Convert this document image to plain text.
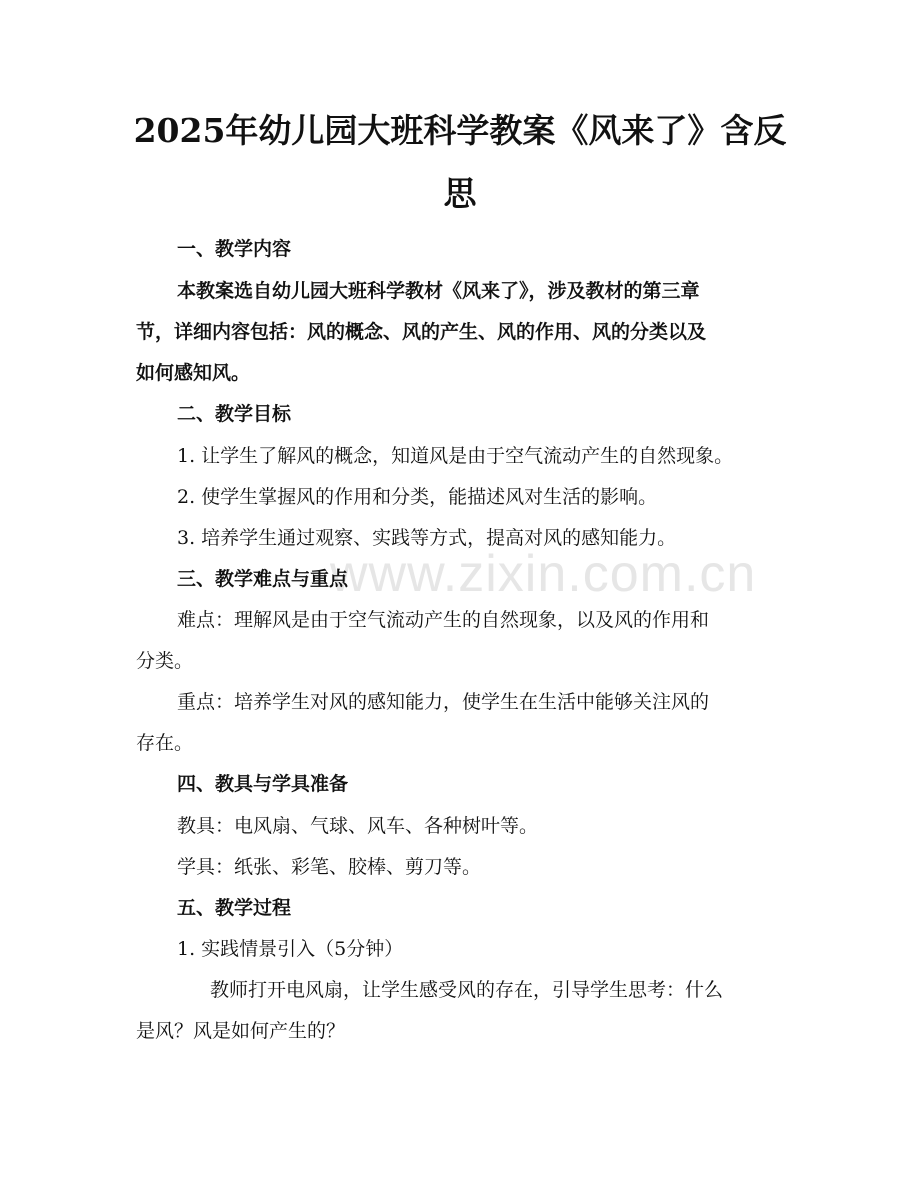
www.zixin.com.cn
2025年幼儿园大班科学教案《风来了》含反
思
一、教学内容
本教案选自幼儿园大班科学教材《风来了》，涉及教材的第三章
节，详细内容包括：风的概念、风的产生、风的作用、风的分类以及
如何感知风。
二、教学目标
1. 让学生了解风的概念，知道风是由于空气流动产生的自然现象。
2. 使学生掌握风的作用和分类，能描述风对生活的影响。
3. 培养学生通过观察、实践等方式，提高对风的感知能力。
三、教学难点与重点
难点：理解风是由于空气流动产生的自然现象，以及风的作用和
分类。
重点：培养学生对风的感知能力，使学生在生活中能够关注风的
存在。
四、教具与学具准备
教具：电风扇、气球、风车、各种树叶等。
学具：纸张、彩笔、胶棒、剪刀等。
五、教学过程
1. 实践情景引入（5分钟）
教师打开电风扇，让学生感受风的存在，引导学生思考：什么
是风？风是如何产生的？
